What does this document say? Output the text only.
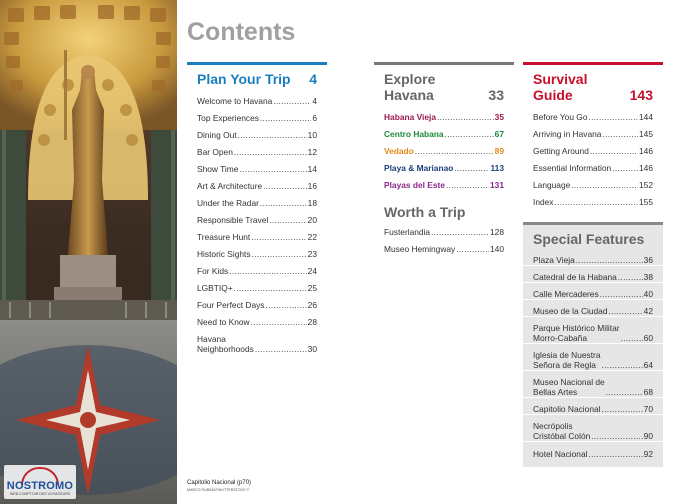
NOSTROMO
WEB COMPTOIR DES VOYAGEURS
Contents
Plan Your Trip 4
Welcome to Havana .....	4
Top Experiences .....	6
Dining Out .....	10
Bar Open .....	12
Show Time .....	14
Art & Architecture .....	16
Under the Radar .....	18
Responsible Travel .....	20
Treasure Hunt .....	22
Historic Sights .....	23
For Kids .....	24
LGBTIQ+ .....	25
Four Perfect Days .....	26
Need to Know .....	28
Havana
Neighborhoods .....	30
Explore
Havana	33
Habana Vieja .....	35
Centro Habana .....	67
Vedado .....	89
Playa & Marianao .....	113
Playas del Este .....	131
Worth a Trip
Fusterlandia .....	128
Museo Hemingway .....	140
Survival
Guide	143
Before You Go .....	144
Arriving in Havana .....	145
Getting Around .....	146
Essential Information .....	146
Language .....	152
Index .....	155
Special Features
Plaza Vieja .....	36
Catedral de la Habana .....	38
Calle Mercaderes .....	40
Museo de la Ciudad .....	42
Parque Histórico Militar
Morro-Cabaña .....	60
Iglesia de Nuestra
Señora de Regla .....	64
Museo Nacional de
Bellas Artes .....	68
Capitolio Nacional .....	70
Necrópolis
Cristóbal Colón .....	90
Hotel Nacional .....	92
Capitolio Nacional (p70)
MARCO RUBINO/SHUTTERSTOCK ©
